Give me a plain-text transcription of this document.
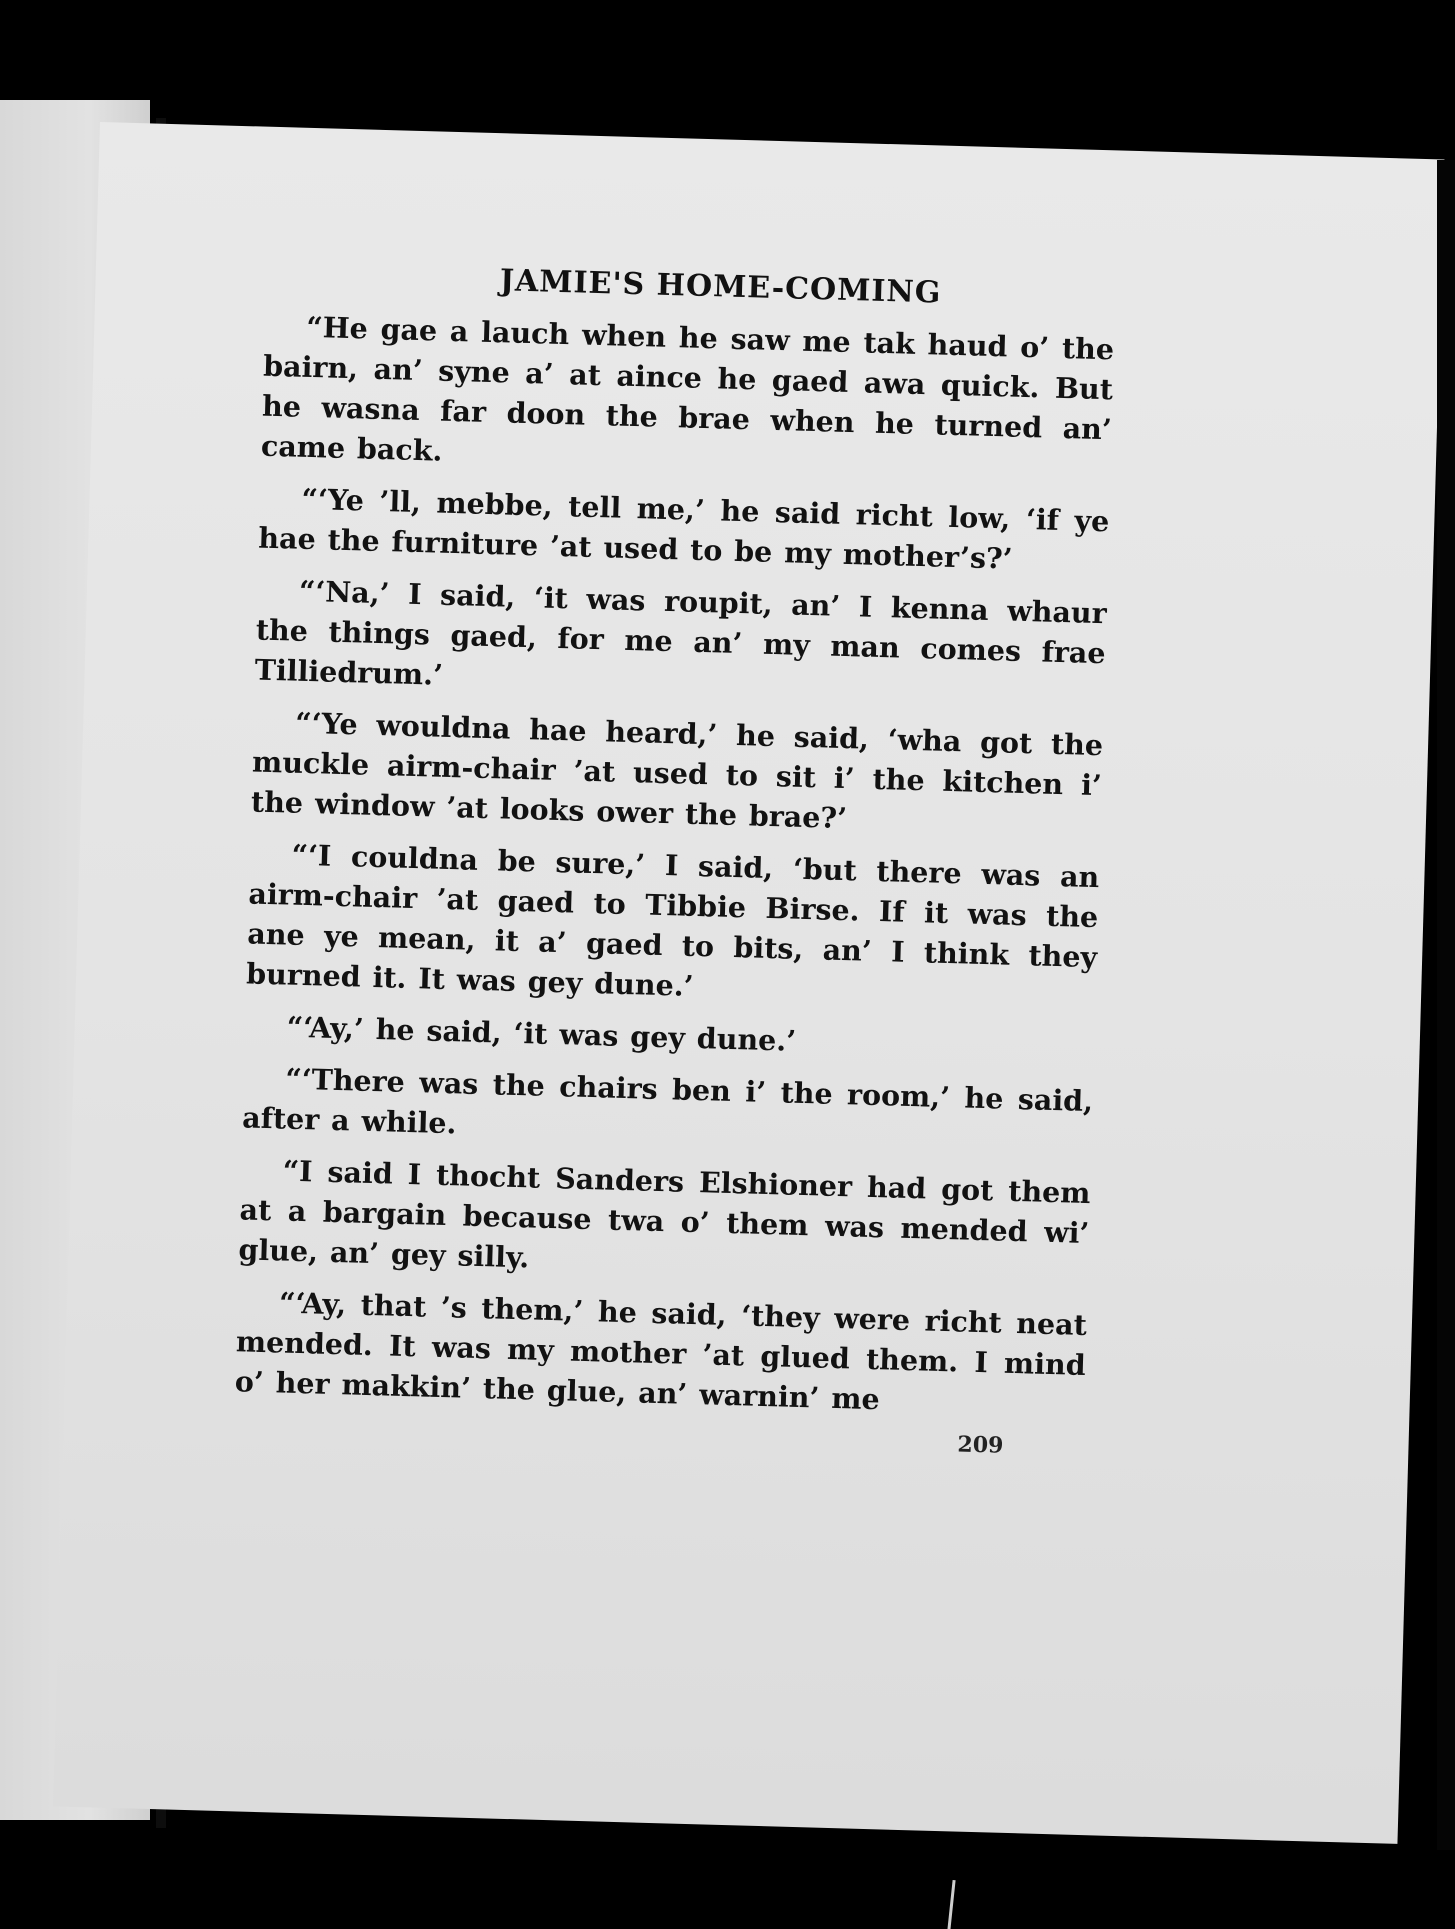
JAMIE'S HOME-COMING

“He gae a lauch when he saw me tak haud o’ the bairn, an’ syne a’ at aince he gaed awa quick. But he wasna far doon the brae when he turned an’ came back.

“‘Ye ’ll, mebbe, tell me,’ he said richt low, ‘if ye hae the furniture ’at used to be my mother’s?’

“‘Na,’ I said, ‘it was roupit, an’ I kenna whaur the things gaed, for me an’ my man comes frae Tilliedrum.’

“‘Ye wouldna hae heard,’ he said, ‘wha got the muckle airm-chair ’at used to sit i’ the kitchen i’ the window ’at looks ower the brae?’

“‘I couldna be sure,’ I said, ‘but there was an airm-chair ’at gaed to Tibbie Birse. If it was the ane ye mean, it a’ gaed to bits, an’ I think they burned it. It was gey dune.’

“‘Ay,’ he said, ‘it was gey dune.’

“‘There was the chairs ben i’ the room,’ he said, after a while.

“I said I thocht Sanders Elshioner had got them at a bargain because twa o’ them was mended wi’ glue, an’ gey silly.

“‘Ay, that ’s them,’ he said, ‘they were richt neat mended. It was my mother ’at glued them. I mind o’ her makkin’ the glue, an’ warnin’ me

209
